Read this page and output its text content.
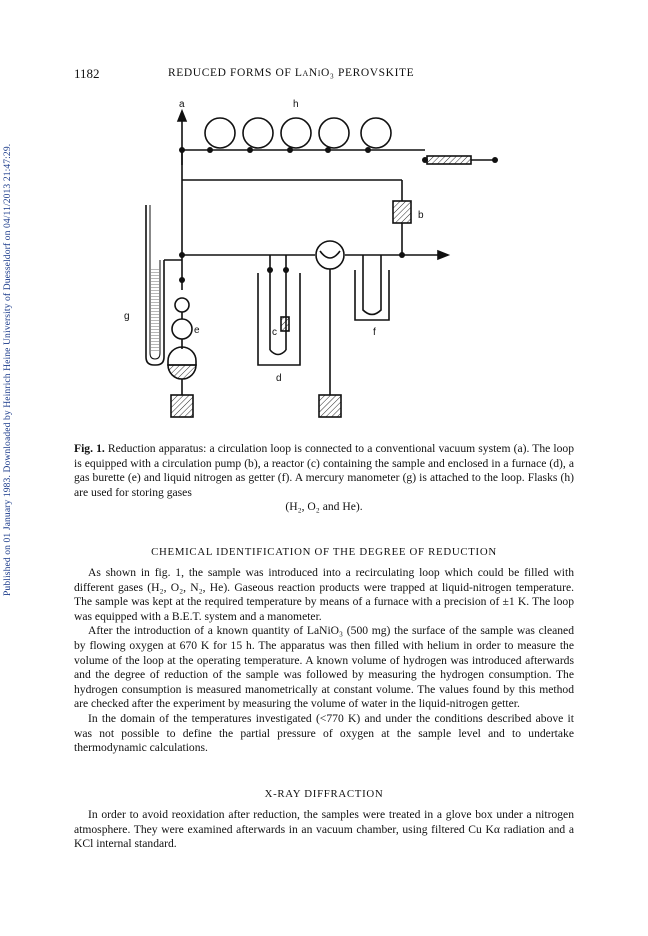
Published on 01 January 1983. Downloaded by Heinrich Heine University of Duesseldorf on 04/11/2013 21:47:29.
1182	REDUCED FORMS OF LaNiO₃ PEROVSKITE
a	h
b
c
e
d
f
g
Fig. 1. Reduction apparatus: a circulation loop is connected to a conventional vacuum system (a). The loop is equipped with a circulation pump (b), a reactor (c) containing the sample and enclosed in a furnace (d), a gas burette (e) and liquid nitrogen as getter (f). A mercury manometer (g) is attached to the loop. Flasks (h) are used for storing gases
(H₂, O₂ and He).
CHEMICAL IDENTIFICATION OF THE DEGREE OF REDUCTION

As shown in fig. 1, the sample was introduced into a recirculating loop which could be filled with different gases (H₂, O₂, N₂, He). Gaseous reaction products were trapped at liquid-nitrogen temperature. The sample was kept at the required temperature by means of a furnace with a precision of ±1 K. The loop was equipped with a B.E.T. system and a manometer.

After the introduction of a known quantity of LaNiO₃ (500 mg) the surface of the sample was cleaned by flowing oxygen at 670 K for 15 h. The apparatus was then filled with helium in order to measure the volume of the loop at the operating temperature. A known volume of hydrogen was introduced afterwards and the degree of reduction of the sample was followed by measuring the hydrogen consumption. The hydrogen consumption is measured manometrically at constant volume. The values found by this method are checked after the experiment by measuring the volume of water in the liquid-nitrogen getter.

In the domain of the temperatures investigated (<770 K) and under the conditions described above it was not possible to define the partial pressure of oxygen at the sample level and to undertake thermodynamic calculations.

X-RAY DIFFRACTION

In order to avoid reoxidation after reduction, the samples were treated in a glove box under a nitrogen atmosphere. They were examined afterwards in an vacuum chamber, using filtered Cu Kα radiation and a KCl internal standard.
